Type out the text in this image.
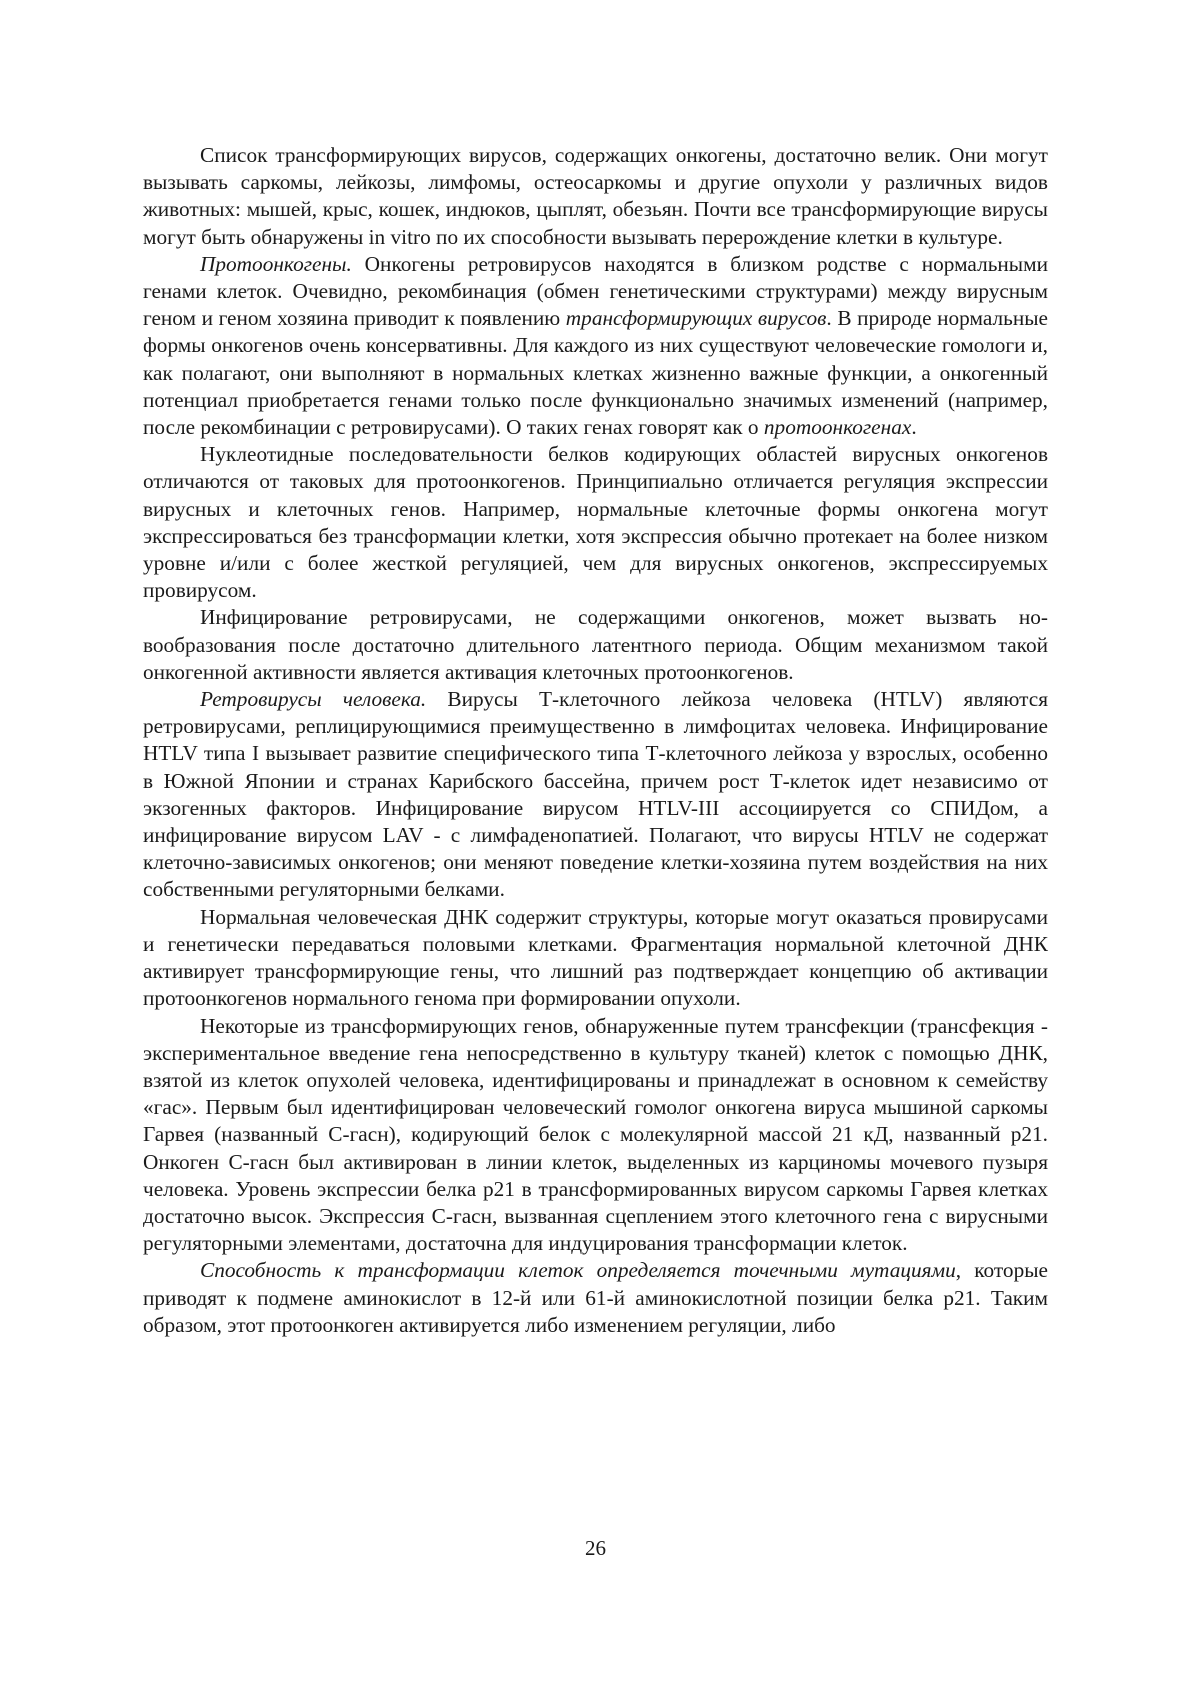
Список трансформирующих вирусов, содержащих онкогены, достаточно велик. Они могут вызывать саркомы, лейкозы, лимфомы, остеосаркомы и другие опухоли у различных видов животных: мышей, крыс, кошек, индюков, цыплят, обезьян. Почти все трансформирующие вирусы могут быть обнаружены in vitro по их способности вызывать перерождение клетки в культуре.

Протоонкогены. Онкогены ретровирусов находятся в близком родстве с нормальными генами клеток. Очевидно, рекомбинация (обмен генетическими структурами) между вирусным геном и геном хозяина приводит к появлению трансформирующих вирусов. В природе нормальные формы онкогенов очень консервативны. Для каждого из них существуют человеческие гомологи и, как полагают, они выполняют в нормальных клетках жизненно важные функции, а онкогенный потенциал приобретается генами только после функционально значимых изменений (например, после рекомбинации с ретровирусами). О таких генах говорят как о протоонкогенах.

Нуклеотидные последовательности белков кодирующих областей вирусных онкогенов отличаются от таковых для протоонкогенов. Принципиально отличается регуляция экспрессии вирусных и клеточных генов. Например, нормальные клеточные формы онкогена могут экспрессироваться без трансформации клетки, хотя экспрессия обычно протекает на более низком уровне и/или с более жесткой регуляцией, чем для вирусных онкогенов, экспрессируемых провирусом.

Инфицирование ретровирусами, не содержащими онкогенов, может вызвать новообразования после достаточно длительного латентного периода. Общим механизмом такой онкогенной активности является активация клеточных протоонкогенов.

Ретровирусы человека. Вирусы Т-клеточного лейкоза человека (HTLV) являются ретровирусами, реплицирующимися преимущественно в лимфоцитах человека. Инфицирование HTLV типа I вызывает развитие специфического типа Т-клеточного лейкоза у взрослых, особенно в Южной Японии и странах Карибского бассейна, причем рост Т-клеток идет независимо от экзогенных факторов. Инфицирование вирусом HTLV-III ассоциируется со СПИДом, а инфицирование вирусом LAV - с лимфаденопатией. Полагают, что вирусы HTLV не содержат клеточно-зависимых онкогенов; они меняют поведение клетки-хозяина путем воздействия на них собственными регуляторными белками.

Нормальная человеческая ДНК содержит структуры, которые могут оказаться провирусами и генетически передаваться половыми клетками. Фрагментация нормальной клеточной ДНК активирует трансформирующие гены, что лишний раз подтверждает концепцию об активации протоонкогенов нормального генома при формировании опухоли.

Некоторые из трансформирующих генов, обнаруженные путем трансфекции (трансфекция - экспериментальное введение гена непосредственно в культуру тканей) клеток с помощью ДНК, взятой из клеток опухолей человека, идентифицированы и принадлежат в основном к семейству «гас». Первым был идентифицирован человеческий гомолог онкогена вируса мышиной саркомы Гарвея (названный С-гасн), кодирующий белок с молекулярной массой 21 кД, названный р21. Онкоген С-гасн был активирован в линии клеток, выделенных из карциномы мочевого пузыря человека. Уровень экспрессии белка р21 в трансформированных вирусом саркомы Гарвея клетках достаточно высок. Экспрессия С-гасн, вызванная сцеплением этого клеточного гена с вирусными регуляторными элементами, достаточна для индуцирования трансформации клеток.

Способность к трансформации клеток определяется точечными мутациями, которые приводят к подмене аминокислот в 12-й или 61-й аминокислотной позиции белка р21. Таким образом, этот протоонкоген активируется либо изменением регуляции, либо

26
